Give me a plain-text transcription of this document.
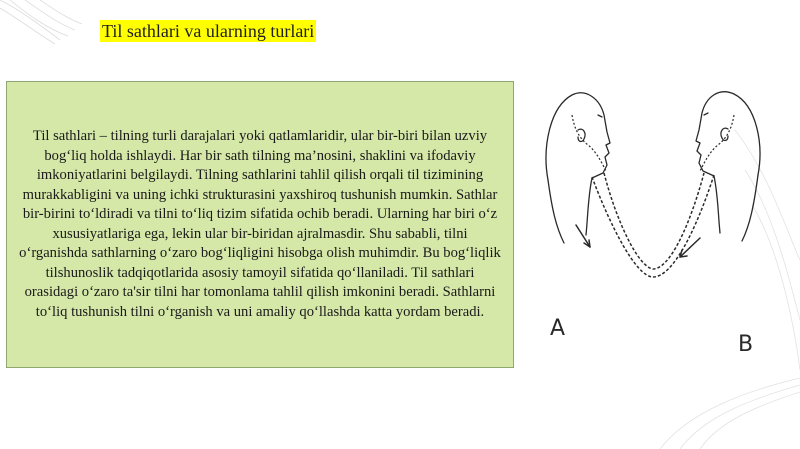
Til sathlari va ularning turlari

Til sathlari – tilning turli darajalari yoki qatlamlaridir, ular bir-biri bilan uzviy bog‘liq holda ishlaydi. Har bir sath tilning ma’nosini, shaklini va ifodaviy imkoniyatlarini belgilaydi. Tilning sathlarini tahlil qilish orqali til tizimining murakkabligini va uning ichki strukturasini yaxshiroq tushunish mumkin. Sathlar bir-birini to‘ldiradi va tilni to‘liq tizim sifatida ochib beradi. Ularning har biri o‘z xususiyatlariga ega, lekin ular bir-biridan ajralmasdir. Shu sababli, tilni o‘rganishda sathlarning o‘zaro bog‘liqligini hisobga olish muhimdir. Bu bog‘liqlik tilshunoslik tadqiqotlarida asosiy tamoyil sifatida qo‘llaniladi. Til sathlari orasidagi o‘zaro ta'sir tilni har tomonlama tahlil qilish imkonini beradi. Sathlarni to‘liq tushunish tilni o‘rganish va uni amaliy qo‘llashda katta yordam beradi.

A
B
